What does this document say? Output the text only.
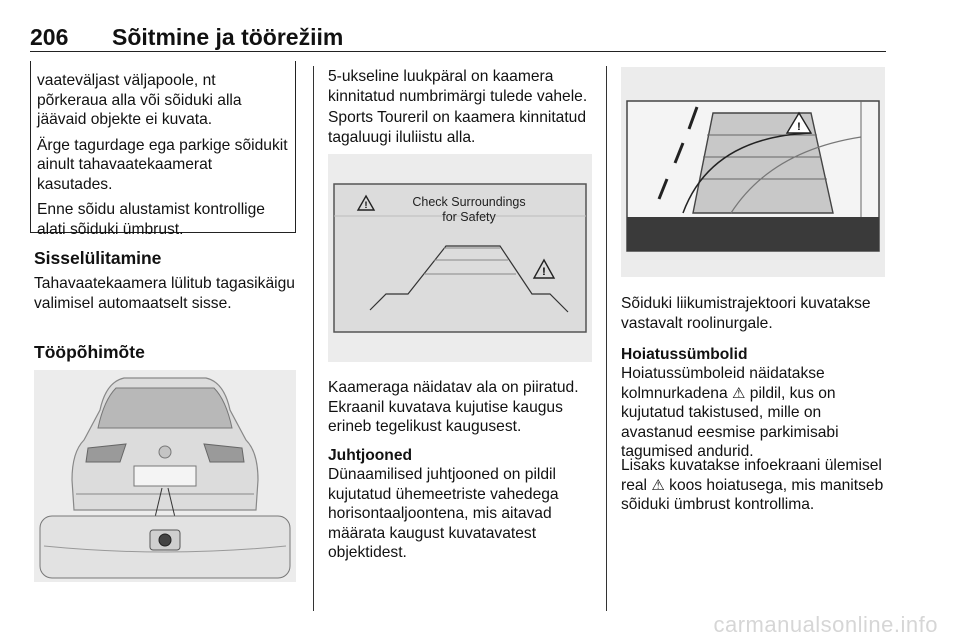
206 Sõitmine ja töörežiim

vaateväljast väljapoole, nt põrkeraua alla või sõiduki alla jäävaid objekte ei kuvata.

Ärge tagurdage ega parkige sõidukit ainult tahavaatekaamerat kasutades.

Enne sõidu alustamist kontrollige alati sõiduki ümbrust.

Sisselülitamine

Tahavaatekaamera lülitub tagasikäigu valimisel automaatselt sisse.

Tööpõhimõte

5-ukseline luukpäral on kaamera kinnitatud numbrimärgi tulede vahele.

Sports Toureril on kaamera kinnitatud tagaluugi iluliistu alla.

!
!
Check Surroundings
for Safety

Kaameraga näidatav ala on piiratud. Ekraanil kuvatava kujutise kaugus erineb tegelikust kaugusest.

Juhtjooned

Dünaamilised juhtjooned on pildil kujutatud ühemeetriste vahedega horisontaaljoontena, mis aitavad määrata kaugust kuvatavatest objektidest.

!

Sõiduki liikumistrajektoori kuvatakse vastavalt roolinurgale.

Hoiatussümbolid

Hoiatussümboleid näidatakse kolmnurkadena ⚠ pildil, kus on kujutatud takistused, mille on avastanud eesmise parkimisabi tagumised andurid.

Lisaks kuvatakse infoekraani ülemisel real ⚠ koos hoiatusega, mis manitseb sõiduki ümbrust kontrollima.

carmanualsonline.info
